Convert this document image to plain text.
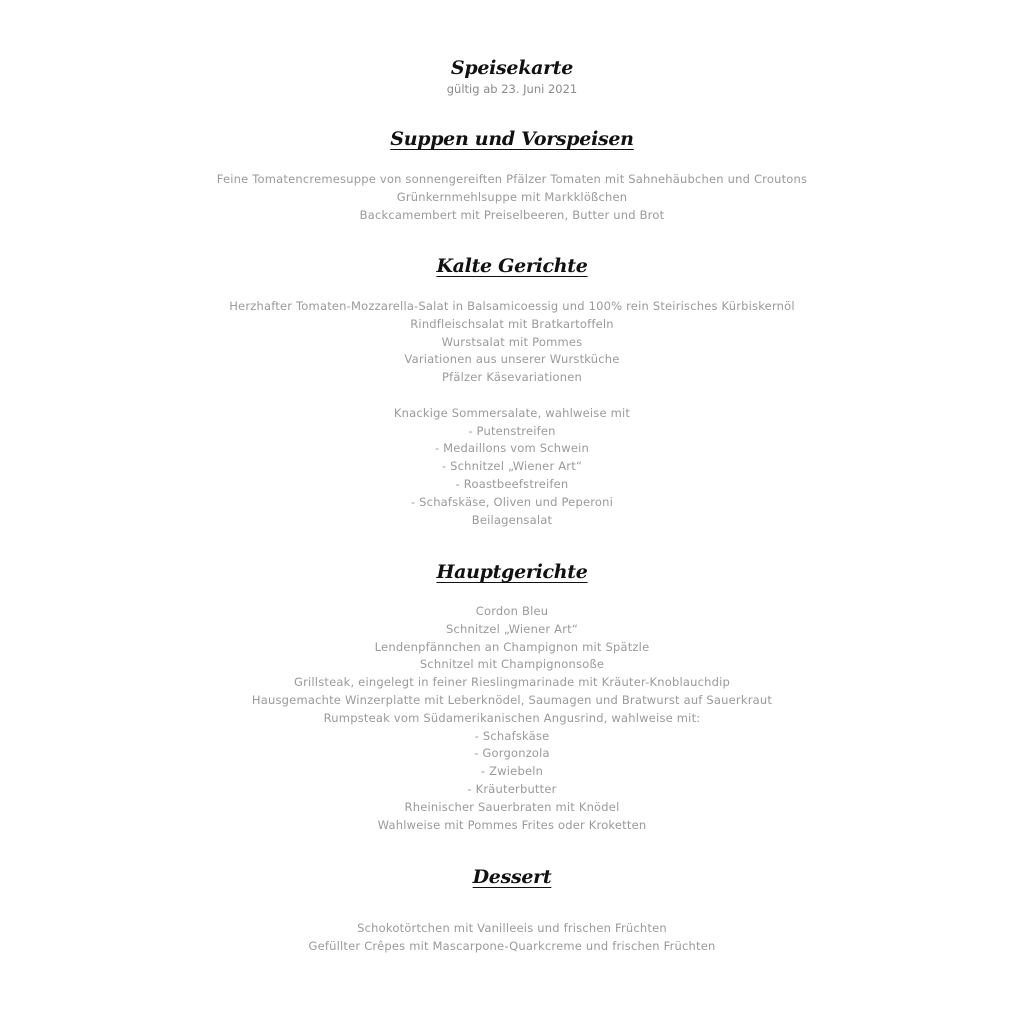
Speisekarte
gültig ab 23. Juni 2021
Suppen und Vorspeisen
Feine Tomatencremesuppe von sonnengereiften Pfälzer Tomaten mit Sahnehäubchen und Croutons
Grünkernmehlsuppe mit Markklößchen
Backcamembert mit Preiselbeeren, Butter und Brot
Kalte Gerichte
Herzhafter Tomaten-Mozzarella-Salat in Balsamicoessig und 100% rein Steirisches Kürbiskernöl
Rindfleischsalat mit Bratkartoffeln
Wurstsalat mit Pommes
Variationen aus unserer Wurstküche
Pfälzer Käsevariationen
Knackige Sommersalate, wahlweise mit
- Putenstreifen
- Medaillons vom Schwein
- Schnitzel „Wiener Art“
- Roastbeefstreifen
- Schafskäse, Oliven und Peperoni
Beilagensalat
Hauptgerichte
Cordon Bleu
Schnitzel „Wiener Art“
Lendenpfännchen an Champignon mit Spätzle
Schnitzel mit Champignonsoße
Grillsteak, eingelegt in feiner Rieslingmarinade mit Kräuter-Knoblauchdip
Hausgemachte Winzerplatte mit Leberknödel, Saumagen und Bratwurst auf Sauerkraut
Rumpsteak vom Südamerikanischen Angusrind, wahlweise mit:
- Schafskäse
- Gorgonzola
- Zwiebeln
- Kräuterbutter
Rheinischer Sauerbraten mit Knödel
Wahlweise mit Pommes Frites oder Kroketten
Dessert
Schokotörtchen mit Vanilleeis und frischen Früchten
Gefüllter Crêpes mit Mascarpone-Quarkcreme und frischen Früchten
